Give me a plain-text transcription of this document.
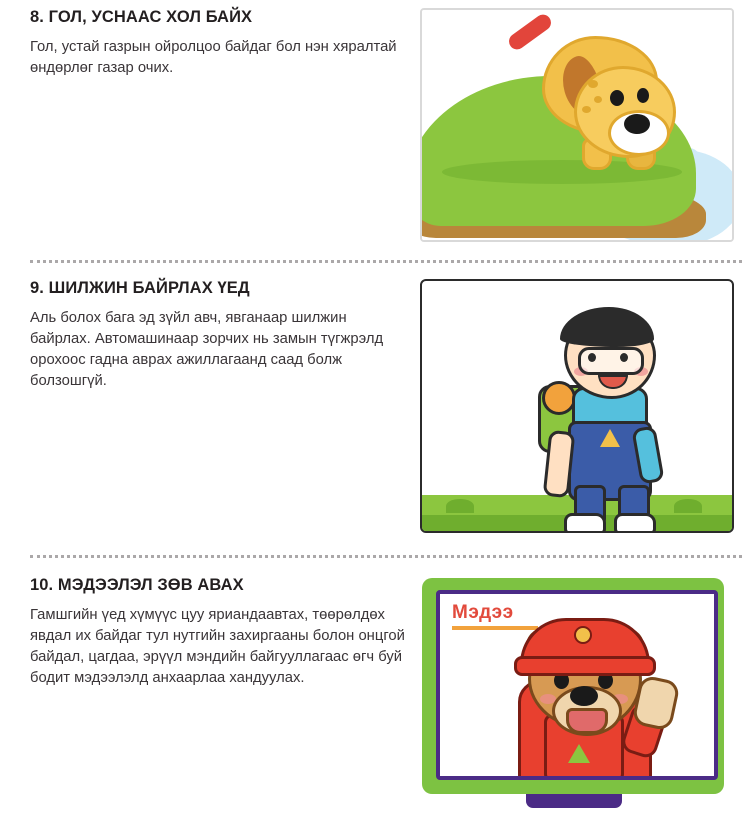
8. ГОЛ, УСНААС ХОЛ БАЙХ

Гол, устай газрын ойролцоо байдаг бол нэн хяралтай өндөрлөг газар очих.

9. ШИЛЖИН БАЙРЛАХ ҮЕД

Аль болох бага эд зүйл авч, явганаар шилжин байрлах. Автомашинаар зорчих нь замын түгжрэлд орохоос гадна аврах ажиллагаанд саад болж болзошгүй.

10. МЭДЭЭЛЭЛ ЗӨВ АВАХ

Гамшгийн үед хүмүүс цуу яриандаавтах, төөрөлдөх явдал их байдаг тул нутгийн захиргааны болон онцгой байдал, цагдаа, эрүүл мэндийн байгууллагаас өгч буй бодит мэдээлэлд анхаарлаа хандуулах.

Мэдээ
